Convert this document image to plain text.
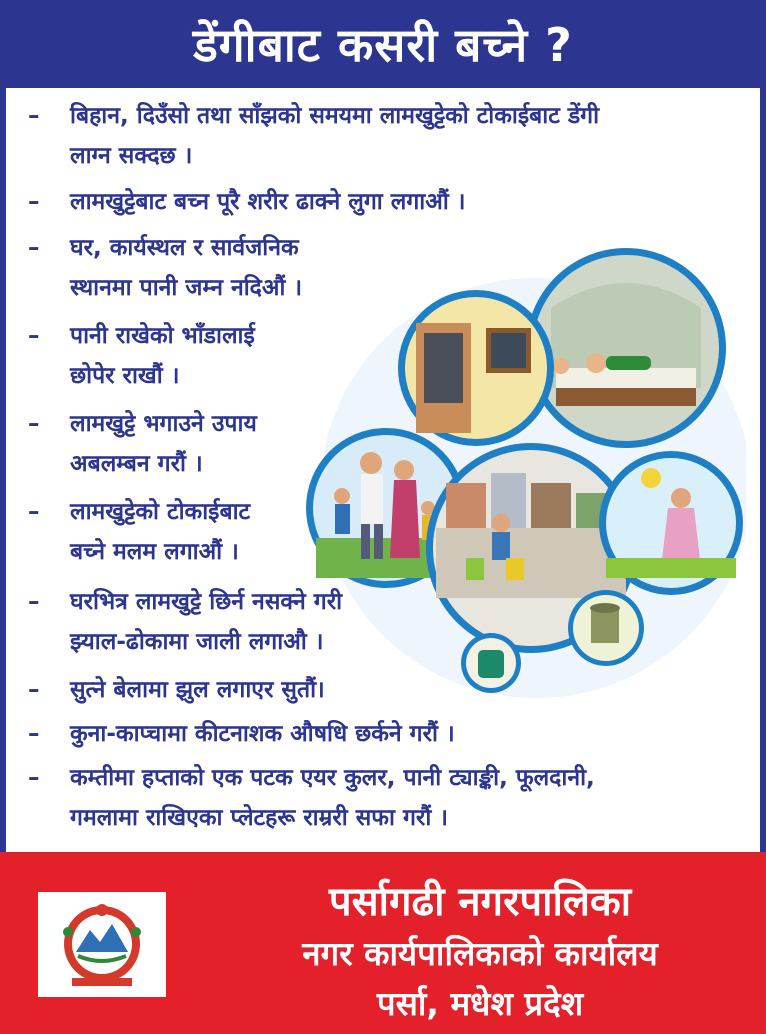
डेंगीबाट कसरी बच्ने ?
– बिहान, दिउँसो तथा साँझको समयमा लामखुट्टेको टोकाईबाट डेंगी
लाग्न सक्दछ ।
– लामखुट्टेबाट बच्न पूरै शरीर ढाक्ने लुगा लगाऔं ।
– घर, कार्यस्थल र सार्वजनिक
स्थानमा पानी जम्न नदिऔं ।
– पानी राखेको भाँडालाई
छोपेर राखौं ।
– लामखुट्टे भगाउने उपाय
अबलम्बन गरौं ।
– लामखुट्टेको टोकाईबाट
बच्ने मलम लगाऔं ।
– घरभित्र लामखुट्टे छिर्न नसक्ने गरी
झ्याल-ढोकामा जाली लगाऔ ।
– सुत्ने बेलामा झुल लगाएर सुतौं।
– कुना-काप्चामा कीटनाशक औषधि छर्कने गरौं ।
– कम्तीमा हप्ताको एक पटक एयर कुलर, पानी ट्याङ्की, फूलदानी,
गमलामा राखिएका प्लेटहरू राम्ररी सफा गरौं ।
पर्सागढी नगरपालिका
नगर कार्यपालिकाको कार्यालय
पर्सा, मधेश प्रदेश
